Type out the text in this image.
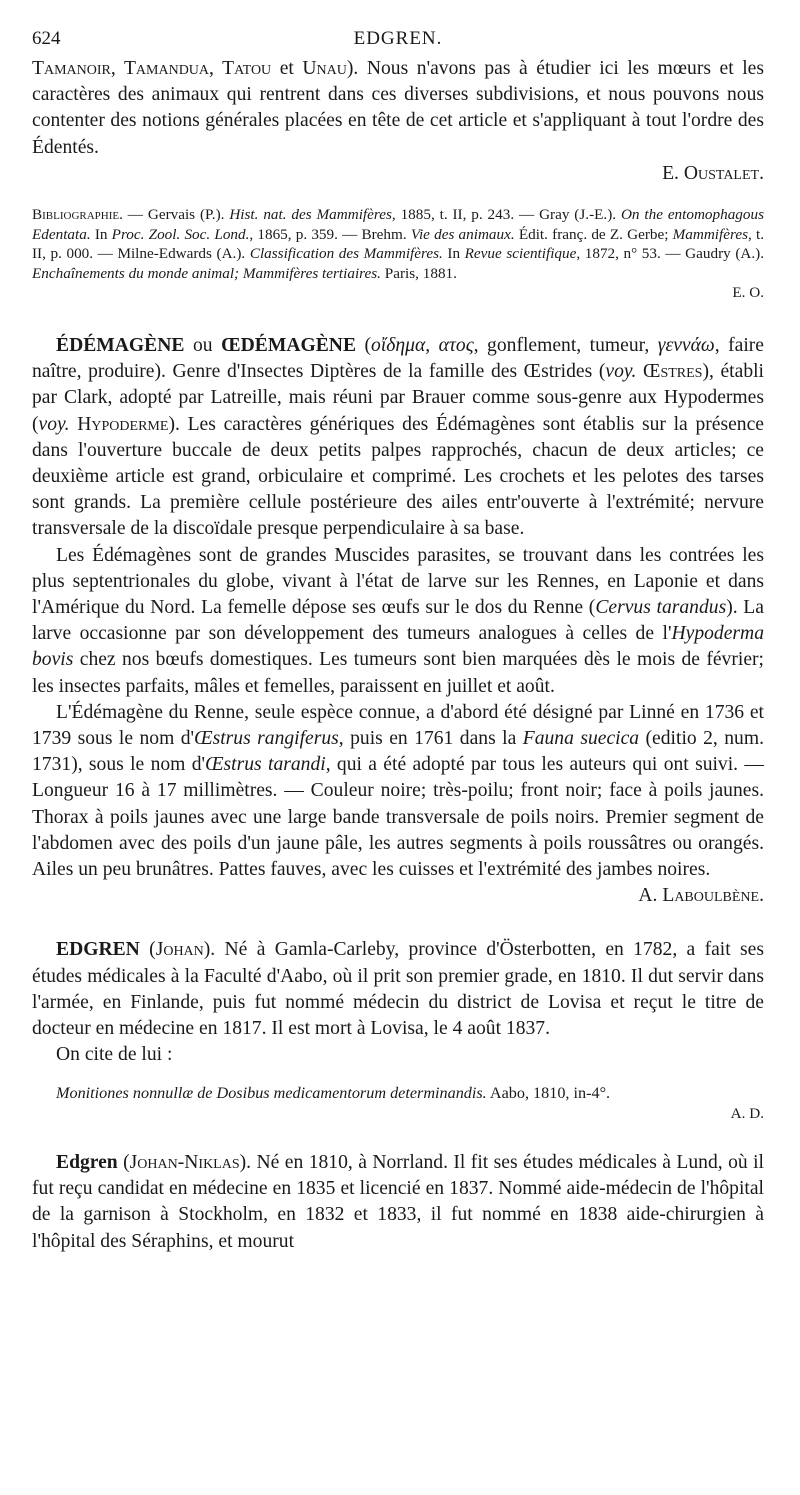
624	EDGREN.

Tamanoir, Tamandua, Tatou et Unau). Nous n'avons pas à étudier ici les mœurs et les caractères des animaux qui rentrent dans ces diverses subdivisions, et nous pouvons nous contenter des notions générales placées en tête de cet article et s'appliquant à tout l'ordre des Édentés.

E. Oustalet.

Bibliographie. — Gervais (P.). Hist. nat. des Mammifères, 1885, t. II, p. 243. — Gray (J.-E.). On the entomophagous Edentata. In Proc. Zool. Soc. Lond., 1865, p. 359. — Brehm. Vie des animaux. Édit. franç. de Z. Gerbe; Mammifères, t. II, p. 000. — Milne-Edwards (A.). Classification des Mammifères. In Revue scientifique, 1872, n° 53. — Gaudry (A.). Enchaînements du monde animal; Mammifères tertiaires. Paris, 1881.

E. O.

ÉDÉMAGÈNE ou ŒDÉMAGÈNE (οἴδημα, ατος, gonflement, tumeur, γεννάω, faire naître, produire). Genre d'Insectes Diptères de la famille des Œstrides (voy. Œstres), établi par Clark, adopté par Latreille, mais réuni par Brauer comme sous-genre aux Hypodermes (voy. Hypoderme). Les caractères génériques des Édémagènes sont établis sur la présence dans l'ouverture buccale de deux petits palpes rapprochés, chacun de deux articles; ce deuxième article est grand, orbiculaire et comprimé. Les crochets et les pelotes des tarses sont grands. La première cellule postérieure des ailes entr'ouverte à l'extrémité; nervure transversale de la discoïdale presque perpendiculaire à sa base.

Les Édémagènes sont de grandes Muscides parasites, se trouvant dans les contrées les plus septentrionales du globe, vivant à l'état de larve sur les Rennes, en Laponie et dans l'Amérique du Nord. La femelle dépose ses œufs sur le dos du Renne (Cervus tarandus). La larve occasionne par son développement des tumeurs analogues à celles de l'Hypoderma bovis chez nos bœufs domestiques. Les tumeurs sont bien marquées dès le mois de février; les insectes parfaits, mâles et femelles, paraissent en juillet et août.

L'Édémagène du Renne, seule espèce connue, a d'abord été désigné par Linné en 1736 et 1739 sous le nom d'Œstrus rangiferus, puis en 1761 dans la Fauna suecica (editio 2, num. 1731), sous le nom d'Œstrus tarandi, qui a été adopté par tous les auteurs qui ont suivi. — Longueur 16 à 17 millimètres. — Couleur noire; très-poilu; front noir; face à poils jaunes. Thorax à poils jaunes avec une large bande transversale de poils noirs. Premier segment de l'abdomen avec des poils d'un jaune pâle, les autres segments à poils roussâtres ou orangés. Ailes un peu brunâtres. Pattes fauves, avec les cuisses et l'extrémité des jambes noires.

A. Laboulbène.

EDGREN (Johan). Né à Gamla-Carleby, province d'Österbotten, en 1782, a fait ses études médicales à la Faculté d'Aabo, où il prit son premier grade, en 1810. Il dut servir dans l'armée, en Finlande, puis fut nommé médecin du district de Lovisa et reçut le titre de docteur en médecine en 1817. Il est mort à Lovisa, le 4 août 1837.

On cite de lui :

Monitiones nonnullæ de Dosibus medicamentorum determinandis. Aabo, 1810, in-4°.

A. D.

Edgren (Johan-Niklas). Né en 1810, à Norrland. Il fit ses études médicales à Lund, où il fut reçu candidat en médecine en 1835 et licencié en 1837. Nommé aide-médecin de l'hôpital de la garnison à Stockholm, en 1832 et 1833, il fut nommé en 1838 aide-chirurgien à l'hôpital des Séraphins, et mourut
